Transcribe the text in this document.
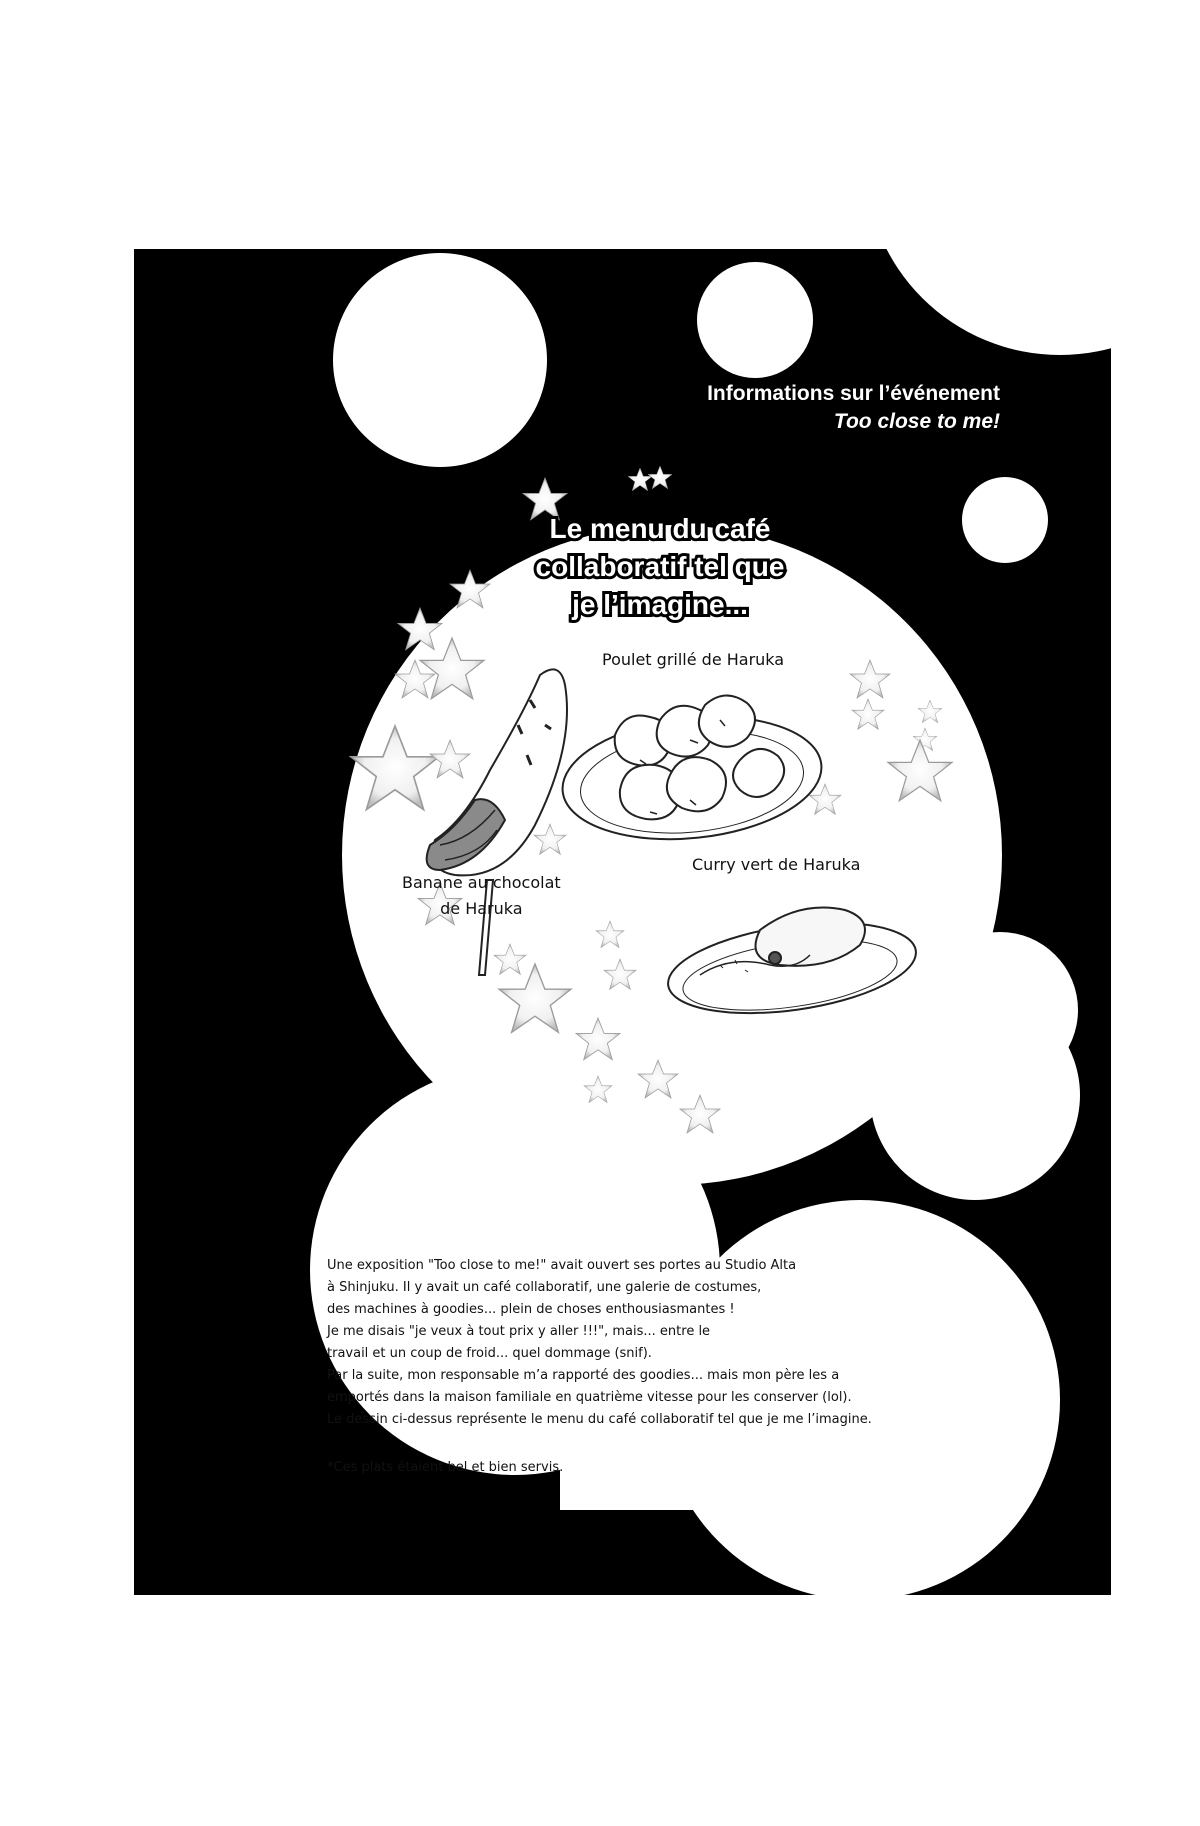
Informations sur l’événement
Too close to me!
Le menu du café
collaboratif tel que
je l’imagine...
Poulet grillé de Haruka
Curry vert de Haruka
Banane au chocolat
de Haruka

Une exposition "Too close to me!" avait ouvert ses portes au Studio Alta

à Shinjuku. Il y avait un café collaboratif, une galerie de costumes,

des machines à goodies... plein de choses enthousiasmantes !

Je me disais "je veux à tout prix y aller !!!", mais... entre le

travail et un coup de froid... quel dommage (snif).

Par la suite, mon responsable m’a rapporté des goodies... mais mon père les a

emportés dans la maison familiale en quatrième vitesse pour les conserver (lol).

Le dessin ci-dessus représente le menu du café collaboratif tel que je me l’imagine.

*Ces plats étaient bel et bien servis.
